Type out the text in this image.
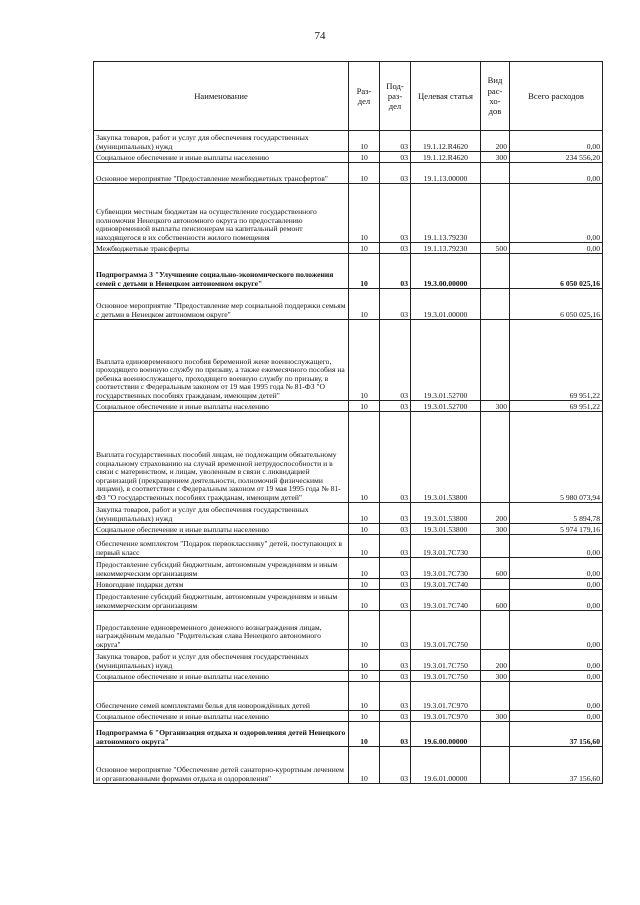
74
Наименование	Раз- дел	Под- раз- дел	Целевая статья	Вид рас- хо- дов	Всего расходов
Закупка товаров, работ и услуг для обеспечения государственных (муниципальных) нужд	10	03	19.1.12.R4620	200	0,00
Социальное обеспечение и иные выплаты населению	10	03	19.1.12.R4620	300	234 556,20
Основное мероприятие "Предоставление межбюджетных трансфертов"	10	03	19.1.13.00000		0,00
Субвенции местным бюджетам на осуществление государственного полномочия Ненецкого автономного округа по предоставлению единовременной выплаты пенсионерам на капитальный ремонт находящегося в их собственности жилого помещения	10	03	19.1.13.79230		0,00
Межбюджетные трансферты	10	03	19.1.13.79230	500	0,00
Подпрограмма 3 "Улучшение социально-экономического положения семей с детьми в Ненецком автономном округе"	10	03	19.3.00.00000		6 050 025,16
Основное мероприятие "Предоставление мер социальной поддержки семьям с детьми в Ненецком автономном округе"	10	03	19.3.01.00000		6 050 025,16
Выплата единовременного пособия беременной жене военнослужащего, проходящего военную службу по призыву, а также ежемесячного пособия на ребенка военнослужащего, проходящего военную службу по призыву, в соответствии с Федеральным законом от 19 мая 1995 года № 81-ФЗ "О государственных пособиях гражданам, имеющим детей"	10	03	19.3.01.52700		69 951,22
Социальное обеспечение и иные выплаты населению	10	03	19.3.01.52700	300	69 951,22
Выплата государственных пособий лицам, не подлежащим обязательному социальному страхованию на случай временной нетрудоспособности и в связи с материнством, и лицам, уволенным в связи с ликвидацией организаций (прекращением деятельности, полномочий физическими лицами), в соответствии с Федеральным законом от 19 мая 1995 года № 81-ФЗ "О государственных пособиях гражданам, имеющим детей"	10	03	19.3.01.53800		5 980 073,94
Закупка товаров, работ и услуг для обеспечения государственных (муниципальных) нужд	10	03	19.3.01.53800	200	5 894,78
Социальное обеспечение и иные выплаты населению	10	03	19.3.01.53800	300	5 974 179,16
Обеспечение комплектом "Подарок первокласснику" детей, поступающих в первый класс	10	03	19.3.01.7С730		0,00
Предоставление субсидий бюджетным, автономным учреждениям и иным некоммерческим организациям	10	03	19.3.01.7С730	600	0,00
Новогодние подарки детям	10	03	19.3.01.7С740		0,00
Предоставление субсидий бюджетным, автономным учреждениям и иным некоммерческим организациям	10	03	19.3.01.7С740	600	0,00
Предоставление единовременного денежного вознаграждения лицам, награждённым медалью "Родительская слава Ненецкого автономного округа"	10	03	19.3.01.7С750		0,00
Закупка товаров, работ и услуг для обеспечения государственных (муниципальных) нужд	10	03	19.3.01.7С750	200	0,00
Социальное обеспечение и иные выплаты населению	10	03	19.3.01.7С750	300	0,00
Обеспечение семей комплектами белья для новорождённых детей	10	03	19.3.01.7С970		0,00
Социальное обеспечение и иные выплаты населению	10	03	19.3.01.7С970	300	0,00
Подпрограмма 6 "Организация отдыха и оздоровления детей Ненецкого автономного округа"	10	03	19.6.00.00000		37 156,60
Основное мероприятие "Обеспечение детей санаторно-курортным лечением и организованными формами отдыха и оздоровления"	10	03	19.6.01.00000		37 156,60
